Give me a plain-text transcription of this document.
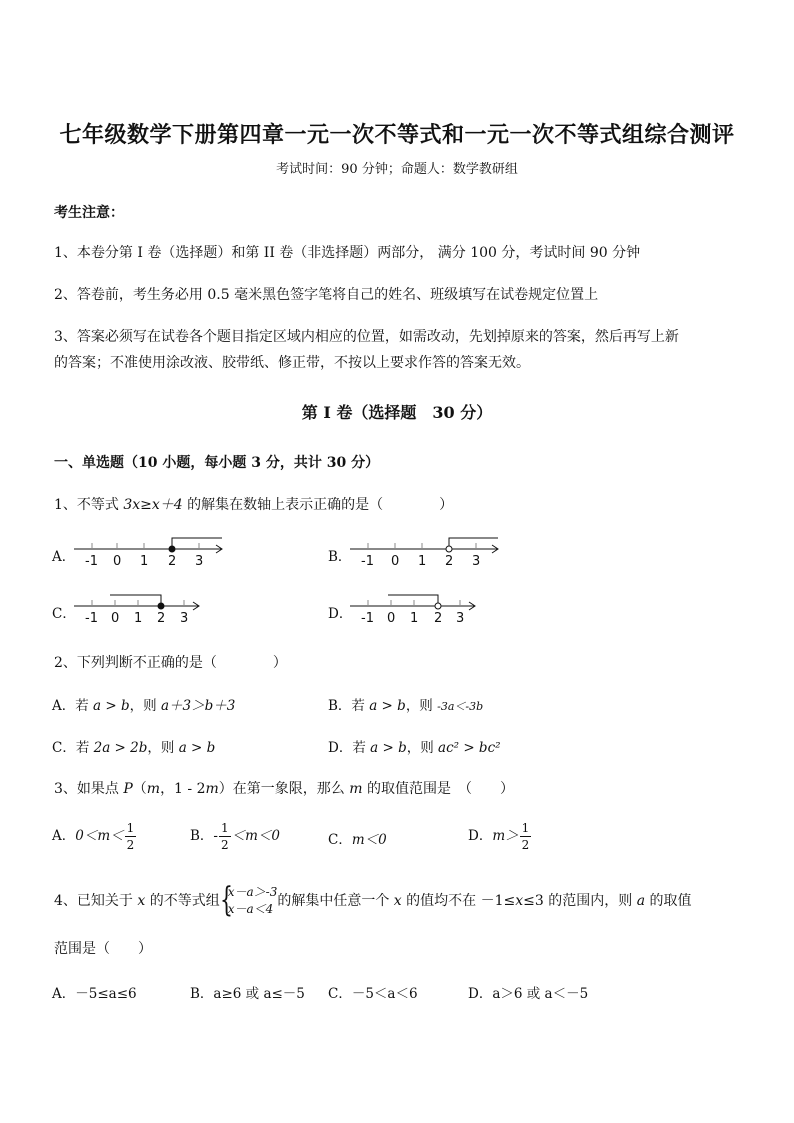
七年级数学下册第四章一元一次不等式和一元一次不等式组综合测评
考试时间：90 分钟；命题人：数学教研组
考生注意：
1、本卷分第 I 卷（选择题）和第 II 卷（非选择题）两部分， 满分 100 分，考试时间 90 分钟
2、答卷前，考生务必用 0.5 毫米黑色签字笔将自己的姓名、班级填写在试卷规定位置上
3、答案必须写在试卷各个题目指定区域内相应的位置，如需改动，先划掉原来的答案，然后再写上新
的答案；不准使用涂改液、胶带纸、修正带，不按以上要求作答的答案无效。
第 I 卷（选择题　30 分）
一、单选题（10 小题，每小题 3 分，共计 30 分）
1、不等式 3x≥x＋4 的解集在数轴上表示正确的是（　　　　）
A． -1 0 1 2 3	B． -1 0 1 2 3
C． -1 0 1 2 3	D． -1 0 1 2 3
2、下列判断不正确的是（　　　　）
A．若 a > b，则 a＋3＞b＋3	B．若 a > b，则 -3a＜-3b
C．若 2a > 2b，则 a > b	D．若 a > b，则 ac² > bc²
3、如果点 P（m，1 - 2m）在第一象限，那么 m 的取值范围是　（　　）
A．$0<m< \frac{1}{2}$	B．- $\frac{1}{2} <m<0$	C．m＜0	D．$m> \frac{1}{2}$
4、已知关于 x 的不等式组 {
x－a＞-3
x－a＜4 的解集中任意一个 x 的值均不在 －1≤x≤3 的范围内，则 a 的取值
范围是（　　）
A．－5≤a≤6	B．a≥6 或 a≤－5 C．－5＜a＜6	D．a＞6 或 a＜－5
